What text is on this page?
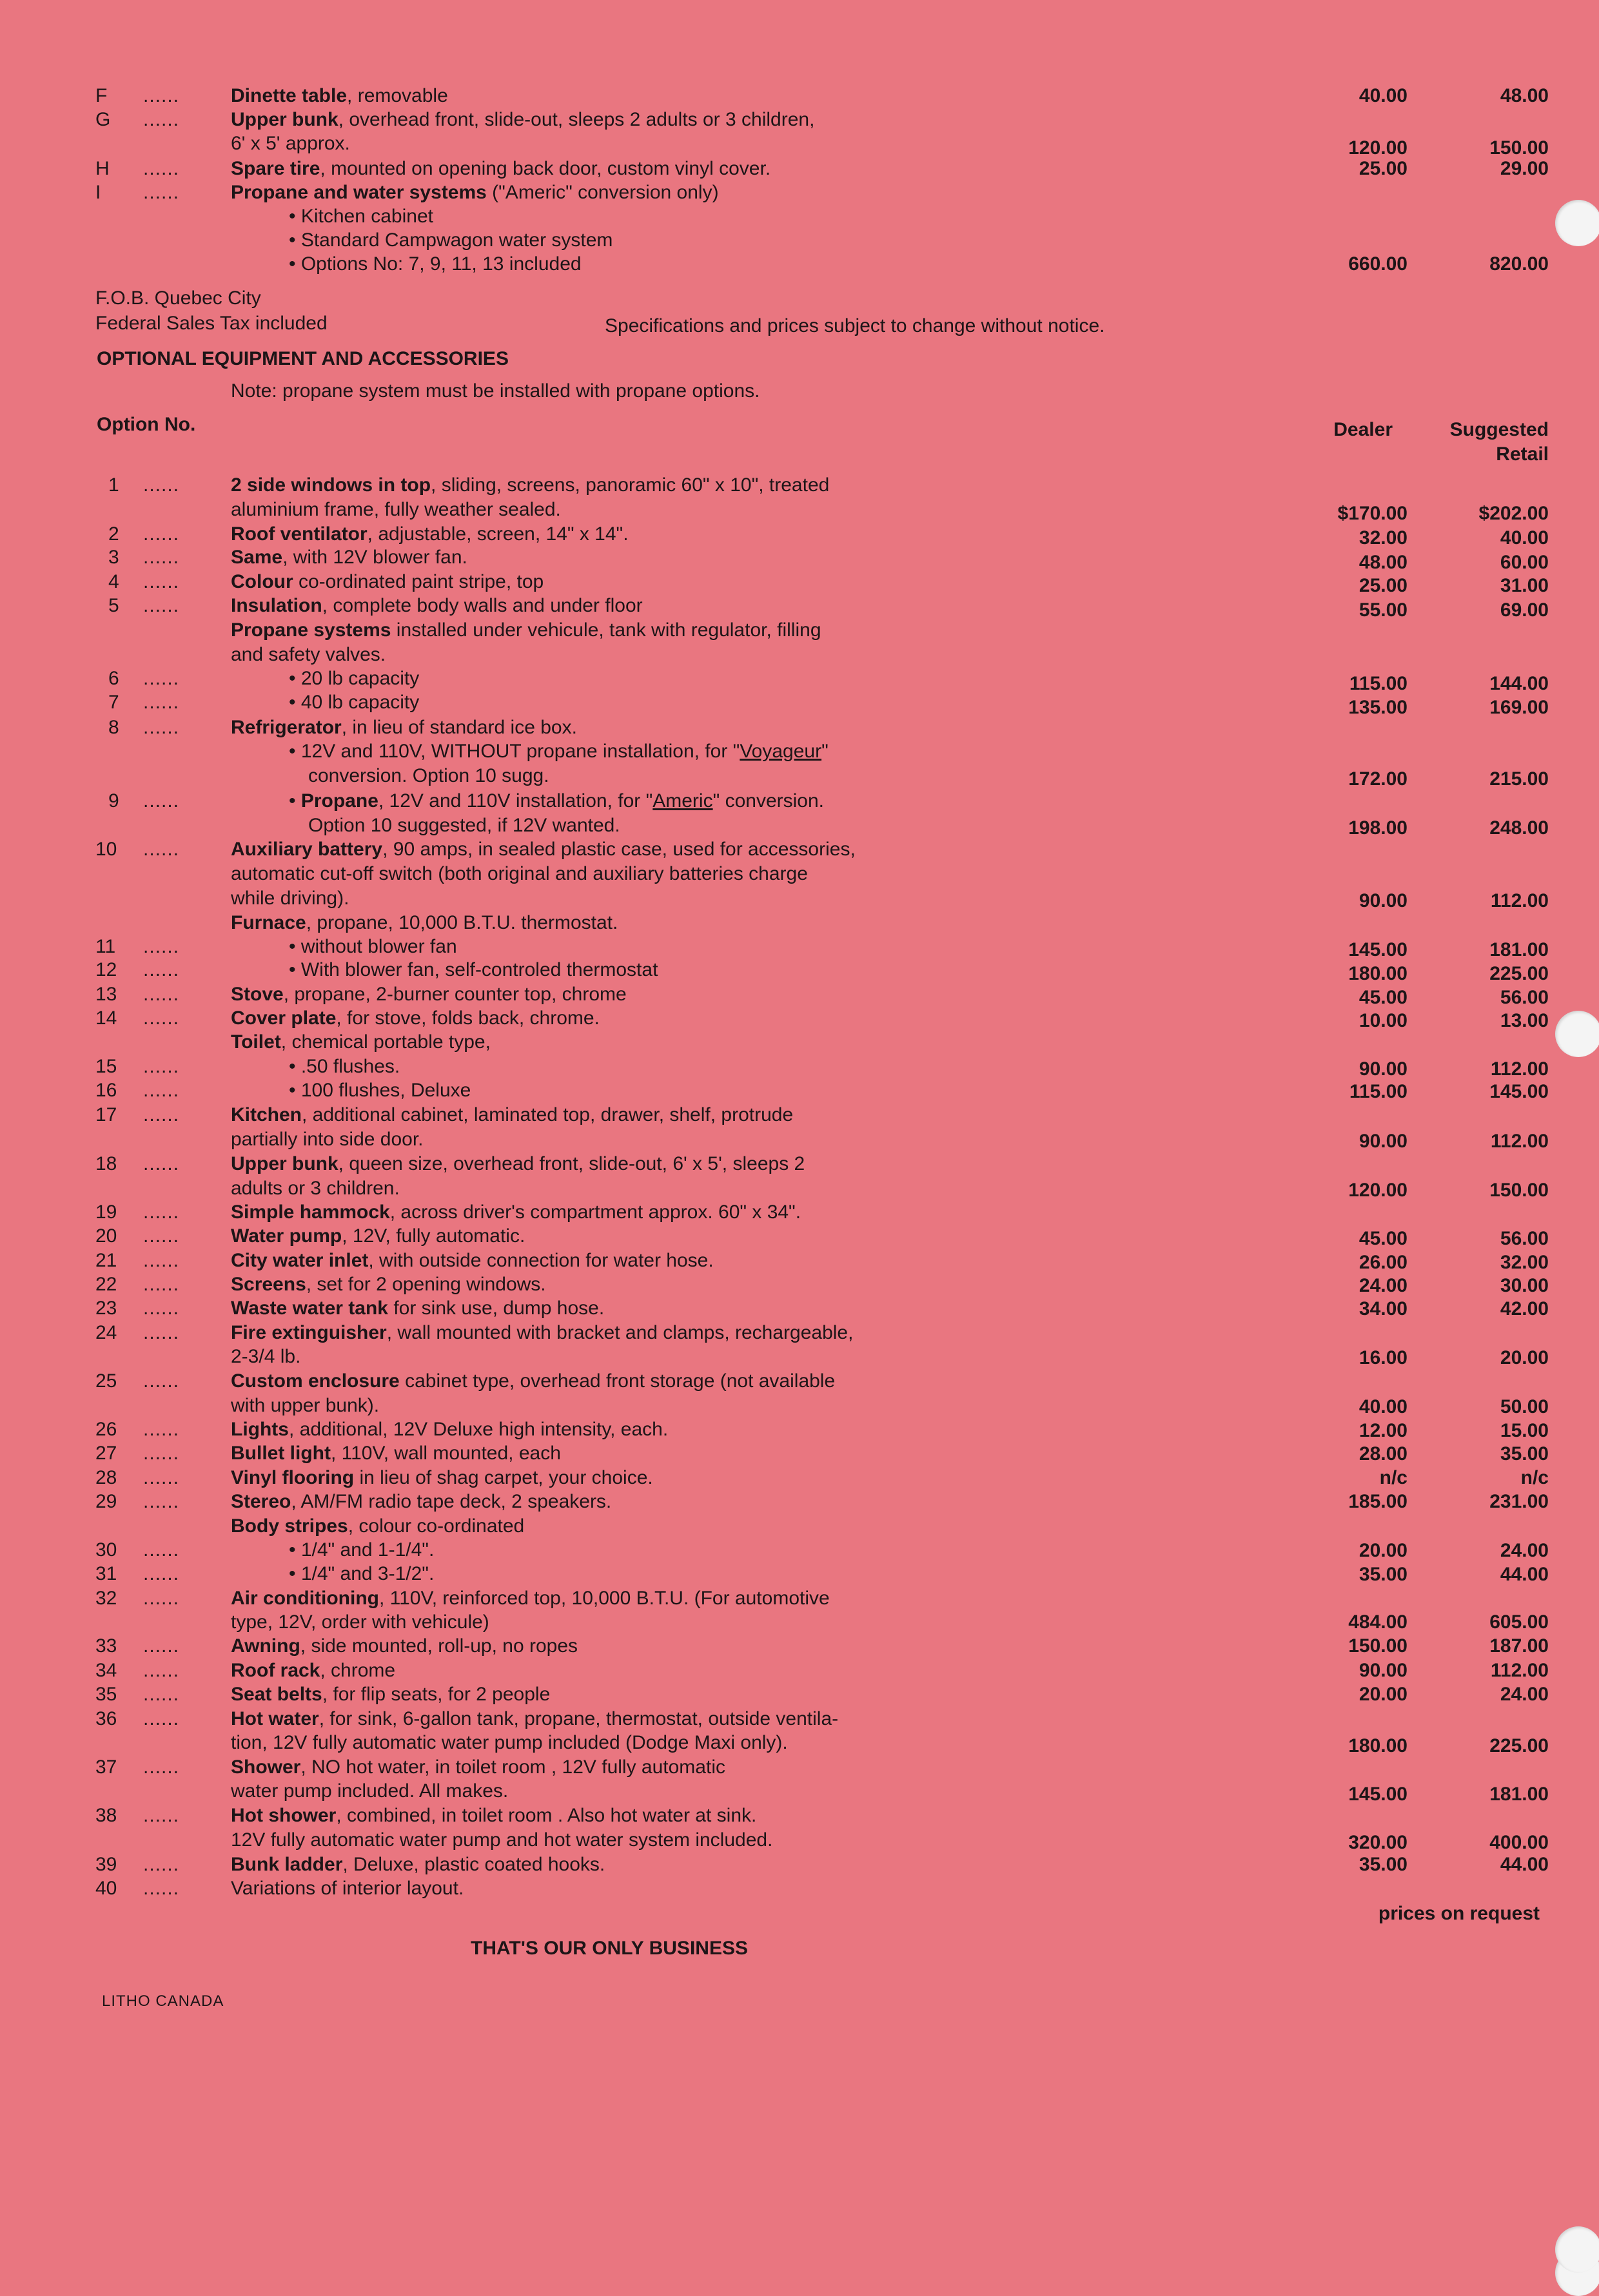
F ......	Dinette table, removable	40.00	48.00
G ......	Upper bunk, overhead front, slide-out, sleeps 2 adults or 3 children,
6' x 5' approx.	120.00	150.00
H ......	Spare tire, mounted on opening back door, custom vinyl cover.	25.00	29.00
I ......	Propane and water systems ("Americ" conversion only)
• Kitchen cabinet
• Standard Campwagon water system
• Options No: 7, 9, 11, 13 included	660.00	820.00
F.O.B. Quebec City
Federal Sales Tax included	Specifications and prices subject to change without notice.
OPTIONAL EQUIPMENT AND ACCESSORIES
Note: propane system must be installed with propane options.
Option No.	Dealer	Suggested
Retail
1 ......	2 side windows in top, sliding, screens, panoramic 60" x 10", treated
aluminium frame, fully weather sealed.	$170.00	$202.00
2 ......	Roof ventilator, adjustable, screen, 14" x 14".	32.00	40.00
3 ......	Same, with 12V blower fan.	48.00	60.00
4 ......	Colour co-ordinated paint stripe, top	25.00	31.00
5 ......	Insulation, complete body walls and under floor	55.00	69.00
Propane systems installed under vehicule, tank with regulator, filling
and safety valves.
6 ......	• 20 lb capacity	115.00	144.00
7 ......	• 40 lb capacity	135.00	169.00
8 ......	Refrigerator, in lieu of standard ice box.
• 12V and 110V, WITHOUT propane installation, for "Voyageur"
conversion. Option 10 sugg.	172.00	215.00
9 ......	• Propane, 12V and 110V installation, for "Americ" conversion.
Option 10 suggested, if 12V wanted.	198.00	248.00
10 ......	Auxiliary battery, 90 amps, in sealed plastic case, used for accessories,
automatic cut-off switch (both original and auxiliary batteries charge
while driving).	90.00	112.00
Furnace, propane, 10,000 B.T.U. thermostat.
11 ......	• without blower fan	145.00	181.00
12 ......	• With blower fan, self-controled thermostat	180.00	225.00
13 ......	Stove, propane, 2-burner counter top, chrome	45.00	56.00
14 ......	Cover plate, for stove, folds back, chrome.	10.00	13.00
Toilet, chemical portable type,
15 ......	• .50 flushes.	90.00	112.00
16 ......	• 100 flushes, Deluxe	115.00	145.00
17 ......	Kitchen, additional cabinet, laminated top, drawer, shelf, protrude
partially into side door.	90.00	112.00
18 ......	Upper bunk, queen size, overhead front, slide-out, 6' x 5', sleeps 2
adults or 3 children.	120.00	150.00
19 ......	Simple hammock, across driver's compartment approx. 60" x 34".
20 ......	Water pump, 12V, fully automatic.	45.00	56.00
21 ......	City water inlet, with outside connection for water hose.	26.00	32.00
22 ......	Screens, set for 2 opening windows.	24.00	30.00
23 ......	Waste water tank for sink use, dump hose.	34.00	42.00
24 ......	Fire extinguisher, wall mounted with bracket and clamps, rechargeable,
2-3/4 lb.	16.00	20.00
25 ......	Custom enclosure cabinet type, overhead front storage (not available
with upper bunk).	40.00	50.00
26 ......	Lights, additional, 12V Deluxe high intensity, each.	12.00	15.00
27 ......	Bullet light, 110V, wall mounted, each	28.00	35.00
28 ......	Vinyl flooring in lieu of shag carpet, your choice.	n/c	n/c
29 ......	Stereo, AM/FM radio tape deck, 2 speakers.	185.00	231.00
Body stripes, colour co-ordinated
30 ......	• 1/4" and 1-1/4".	20.00	24.00
31 ......	• 1/4" and 3-1/2".	35.00	44.00
32 ......	Air conditioning, 110V, reinforced top, 10,000 B.T.U. (For automotive
type, 12V, order with vehicule)	484.00	605.00
33 ......	Awning, side mounted, roll-up, no ropes	150.00	187.00
34 ......	Roof rack, chrome	90.00	112.00
35 ......	Seat belts, for flip seats, for 2 people	20.00	24.00
36 ......	Hot water, for sink, 6-gallon tank, propane, thermostat, outside ventila-
tion, 12V fully automatic water pump included (Dodge Maxi only).	180.00	225.00
37 ......	Shower, NO hot water, in toilet room , 12V fully automatic
water pump included. All makes.	145.00	181.00
38 ......	Hot shower, combined, in toilet room . Also hot water at sink.
12V fully automatic water pump and hot water system included.	320.00	400.00
39 ......	Bunk ladder, Deluxe, plastic coated hooks.	35.00	44.00
40 ......	Variations of interior layout.
prices on request
THAT'S OUR ONLY BUSINESS
LITHO CANADA
